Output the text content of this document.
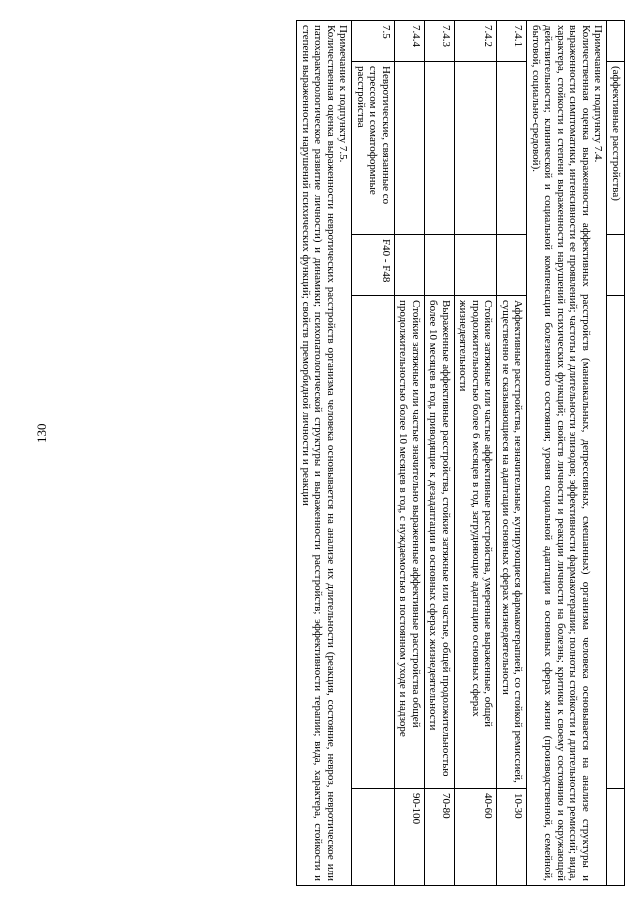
130
	(аффективные расстройства)			

Примечание к подпункту 7.4.

Количественная оценка выраженности аффективных расстройств (маниакальных, депрессивных, смешанных) организма человека основывается на анализе структуры и выраженности симптоматики, интенсивности ее проявлений; частоты и длительности эпизодов; эффективности фармакотерапии; полноты стойкости и длительности ремиссий; вида, характера, стойкости и степени выраженности нарушений психических функций; свойств личности и реакции личности на болезнь; критики к своему состоянию и окружающей действительности; клинической и социальной компенсации болезненного состояния; уровня социальной адаптации в основных сферах жизни (производственной, семейной, бытовой, социально-средовой).				

7.4.1			Аффективные расстройства, незначительные, купирующиеся фармакотерапией, со стойкой ремиссией, существенно не сказывающиеся на адаптации основных сферах жизнедеятельности	10-30
7.4.2			Стойкие затяжные или частые аффективные расстройства, умеренные выраженные, общей продолжительностью более 6 месяцев в год, затрудняющие адаптацию основных сферах жизнедеятельности	40-60
7.4.3			Выраженные аффективные расстройства, стойкие затяжные или частые, общей продолжительностью более 10 месяцев в год, приводящие к дезадаптации в основных сферах жизнедеятельности	70-80
7.4.4			Стойкие затяжные или частые значительно выраженные аффективные расстройства общей продолжительностью более 10 месяцев в год, с нуждаемостью в постоянном уходе и надзоре	90-100
7.5	Невротические, связанные со стрессом и соматоформные расстройства	F40 - F48		

Примечание к подпункту 7.5.

Количественная оценка выраженности невротических расстройств организма человека основывается на анализе их длительности (реакция, состояние, невроз, невротическое или патохарактерологическое развитие личности) и динамики; психопатологической структуры и выраженности расстройств; эффективности терапии; вида, характера, стойкости и степени выраженности нарушений психических функций; свойств преморбидной личности и реакции				
